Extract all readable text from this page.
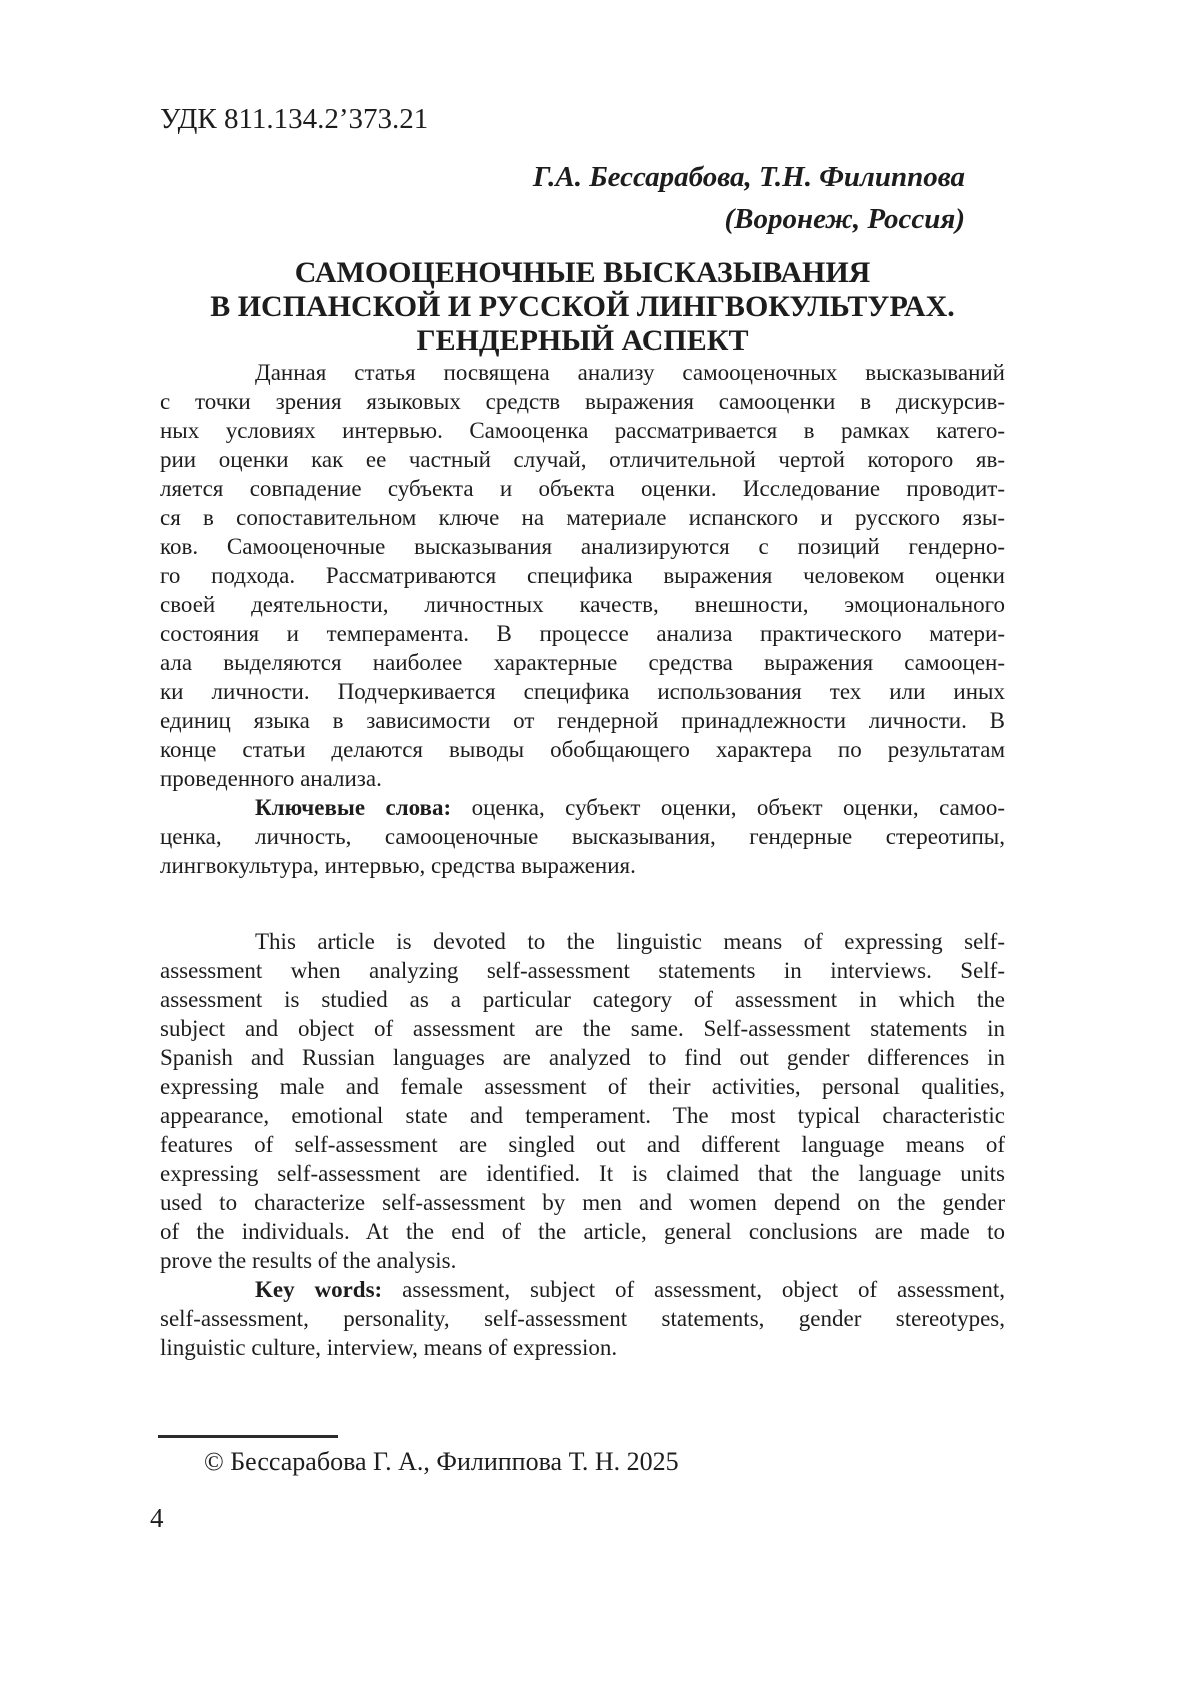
УДК 811.134.2’373.21
Г.А. Бессарабова, Т.Н. Филиппова
(Воронеж, Россия)
САМООЦЕНОЧНЫЕ ВЫСКАЗЫВАНИЯ
В ИСПАНСКОЙ И РУССКОЙ ЛИНГВОКУЛЬТУРАХ.
ГЕНДЕРНЫЙ АСПЕКТ
Данная статья посвящена анализу самооценочных высказываний
с точки зрения языковых средств выражения самооценки в дискурсив-
ных условиях интервью. Самооценка рассматривается в рамках катего-
рии оценки как ее частный случай, отличительной чертой которого яв-
ляется совпадение субъекта и объекта оценки. Исследование проводит-
ся в сопоставительном ключе на материале испанского и русского язы-
ков. Самооценочные высказывания анализируются с позиций гендерно-
го подхода. Рассматриваются специфика выражения человеком оценки
своей деятельности, личностных качеств, внешности, эмоционального
состояния и темперамента. В процессе анализа практического матери-
ала выделяются наиболее характерные средства выражения самооцен-
ки личности. Подчеркивается специфика использования тех или иных
единиц языка в зависимости от гендерной принадлежности личности. В
конце статьи делаются выводы обобщающего характера по результатам
проведенного анализа.
Ключевые слова: оценка, субъект оценки, объект оценки, самоо-
ценка, личность, самооценочные высказывания, гендерные стереотипы,
лингвокультура, интервью, средства выражения.
This article is devoted to the linguistic means of expressing self-
assessment when analyzing self-assessment statements in interviews. Self-
assessment is studied as a particular category of assessment in which the
subject and object of assessment are the same. Self-assessment statements in
Spanish and Russian languages are analyzed to find out gender differences in
expressing male and female assessment of their activities, personal qualities,
appearance, emotional state and temperament. The most typical characteristic
features of self-assessment are singled out and different language means of
expressing self-assessment are identified. It is claimed that the language units
used to characterize self-assessment by men and women depend on the gender
of the individuals. At the end of the article, general conclusions are made to
prove the results of the analysis.
Key words: assessment, subject of assessment, object of assessment,
self-assessment, personality, self-assessment statements, gender stereotypes,
linguistic culture, interview, means of expression.
© Бессарабова Г. А., Филиппова Т. Н. 2025
4
